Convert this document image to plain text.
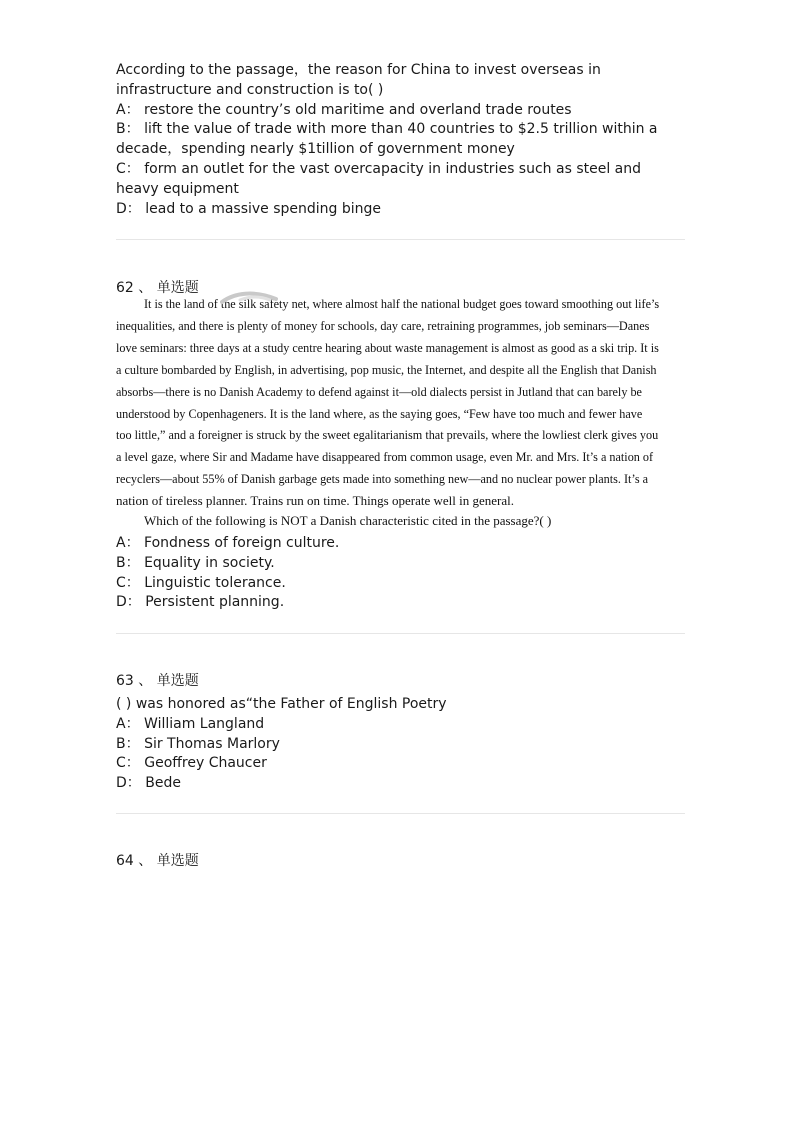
According to the passage，the reason for China to invest overseas in infrastructure and construction is to( )
A： restore the country’s old maritime and overland trade routes
B： lift the value of trade with more than 40 countries to $2.5 trillion within a decade，spending nearly $1tillion of government money
C： form an outlet for the vast overcapacity in industries such as steel and heavy equipment
D： lead to a massive spending binge
62 、 单选题
It is the land of the silk safety net, where almost half the national budget goes toward smoothing out life’s
inequalities, and there is plenty of money for schools, day care, retraining programmes, job seminars—Danes
love seminars: three days at a study centre hearing about waste management is almost as good as a ski trip. It is
a culture bombarded by English, in advertising, pop music, the Internet, and despite all the English that Danish
absorbs—there is no Danish Academy to defend against it—old dialects persist in Jutland that can barely be
understood by Copenhageners. It is the land where, as the saying goes, “Few have too much and fewer have
too little,” and a foreigner is struck by the sweet egalitarianism that prevails, where the lowliest clerk gives you
a level gaze, where Sir and Madame have disappeared from common usage, even Mr. and Mrs. It’s a nation of
recyclers—about 55% of Danish garbage gets made into something new—and no nuclear power plants. It’s a
nation of tireless planner. Trains run on time. Things operate well in general.
Which of the following is NOT a Danish characteristic cited in the passage?( )
A： Fondness of foreign culture.
B： Equality in society.
C： Linguistic tolerance.
D： Persistent planning.
63 、 单选题
( ) was honored as“the Father of English Poetry
A： William Langland
B： Sir Thomas Marlory
C： Geoffrey Chaucer
D： Bede
64 、 单选题
